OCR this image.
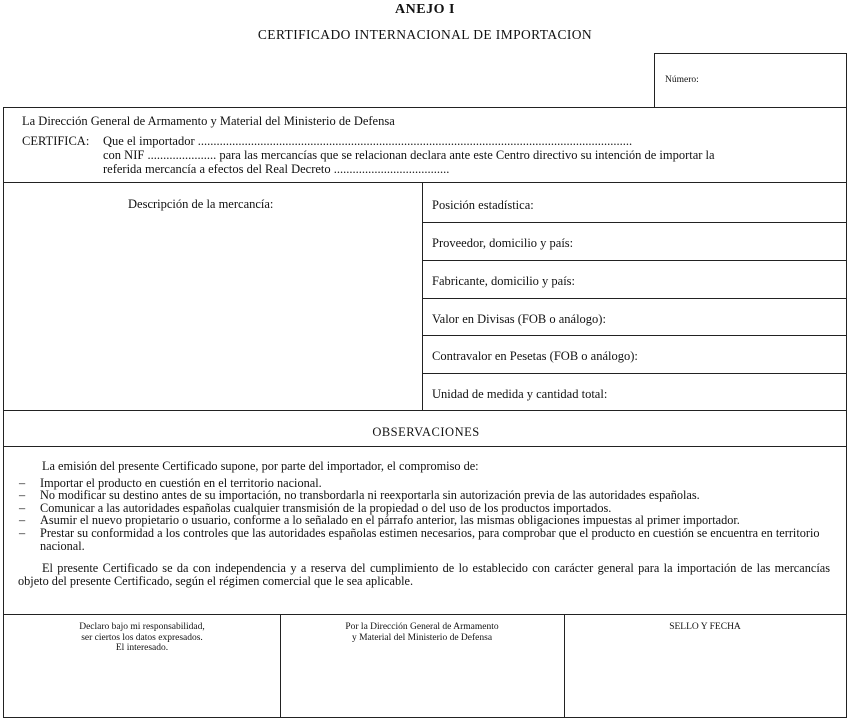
ANEJO I
CERTIFICADO INTERNACIONAL DE IMPORTACION
Número:
La Dirección General de Armamento y Material del Ministerio de Defensa
CERTIFICA: Que el importador ...........................................................................................................................................
con NIF ...................... para las mercancías que se relacionan declara ante este Centro directivo su intención de importar la
referida mercancía a efectos del Real Decreto .....................................
Descripción de la mercancía:	Posición estadística:
Proveedor, domicilio y país:
Fabricante, domicilio y país:
Valor en Divisas (FOB o análogo):
Contravalor en Pesetas (FOB o análogo):
Unidad de medida y cantidad total:
OBSERVACIONES
La emisión del presente Certificado supone, por parte del importador, el compromiso de:
– Importar el producto en cuestión en el territorio nacional.
– No modificar su destino antes de su importación, no transbordarla ni reexportarla sin autorización previa de las autoridades españolas.
– Comunicar a las autoridades españolas cualquier transmisión de la propiedad o del uso de los productos importados.
– Asumir el nuevo propietario o usuario, conforme a lo señalado en el párrafo anterior, las mismas obligaciones impuestas al primer importador.
– Prestar su conformidad a los controles que las autoridades españolas estimen necesarios, para comprobar que el producto en cuestión se encuentra en territorio nacional.
El presente Certificado se da con independencia y a reserva del cumplimiento de lo establecido con carácter general para la importación de las mercancías objeto del presente Certificado, según el régimen comercial que le sea aplicable.
Declaro bajo mi responsabilidad,
ser ciertos los datos expresados.
El interesado.
Por la Dirección General de Armamento
y Material del Ministerio de Defensa
SELLO Y FECHA
